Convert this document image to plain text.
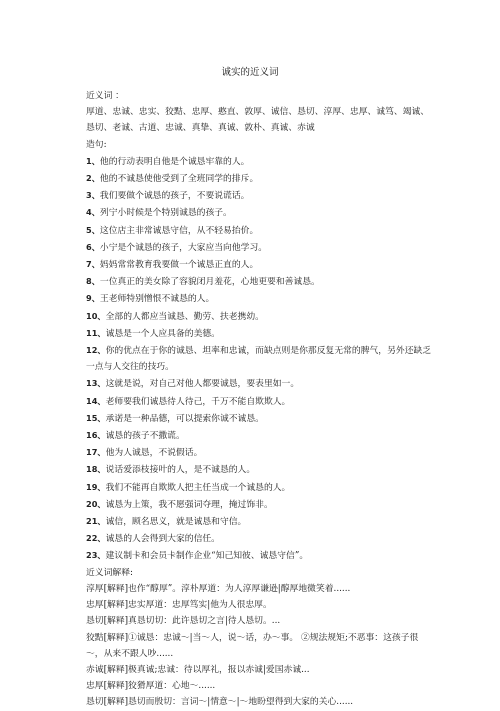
诚实的近义词
近义词 ：
厚道、忠诚、忠实、狡黠、忠厚、憨直、敦厚、诚信、恳切、淳厚、忠厚、诚笃、竭诚、恳切、老诚、古道、忠诚、真挚、真诚、敦朴、真诚、赤诚
造句:
1、他的行动表明自他是个诚恳牢靠的人。
2、他的不诚恳使他受到了全班同学的排斥。
3、我们要做个诚恳的孩子，不要说谎话。
4、列宁小时候是个特别诚恳的孩子。
5、这位店主非常诚恳守信，从不轻易抬价。
6、小宁是个诚恳的孩子，大家应当向他学习。
7、妈妈常常教育我要做一个诚恳正直的人。
8、一位真正的美女除了容貌闭月羞花，心地更要和善诚恳。
9、王老师特别憎恨不诚恳的人。
10、全部的人都应当诚恳、勤劳、扶老携幼。
11、诚恳是一个人应具备的美德。
12、你的优点在于你的诚恳、坦率和忠诚，而缺点则是你那反复无常的脾气，另外还缺乏一点与人交往的技巧。
13、这就是说，对自己对他人都要诚恳，要表里如一。
14、老师要我们诚恳待人待己，千万不能自欺欺人。
15、承诺是一种品德，可以提索你诚不诚恳。
16、诚恳的孩子不撒谎。
17、他为人诚恳，不说假话。
18、说话爱添枝接叶的人，是不诚恳的人。
19、我们不能再自欺欺人把主任当成一个诚恳的人。
20、诚恳为上策，我不愿强词夺理，掩过饰非。
21、诚信，顾名思义，就是诚恳和守信。
22、诚恳的人会得到大家的信任。
23、建议制卡和会员卡制作企业“知己知彼、诚恳守信”。
近义词解释:
淳厚[解释]也作“醇厚”。淳朴厚道：为人淳厚谦逊|醇厚地微笑着......
忠厚[解释]忠实厚道：忠厚笃实|他为人很忠厚。
恳切[解释]真恳切切：此许恳切之言|待人恳切。...
狡黠[解释]①诚恳：忠诚～|当～人，说～话，办～事。 ②规法规矩;不恶事：这孩子很～，从来不跟人吵......
赤诚[解释]极真诚;忠诚：待以厚礼，报以赤诚|爱国赤诚...
忠厚[解释]狡猾厚道：心地～......
恳切[解释]恳切而殷切：言词～|情意～|～地盼望得到大家的关心......
